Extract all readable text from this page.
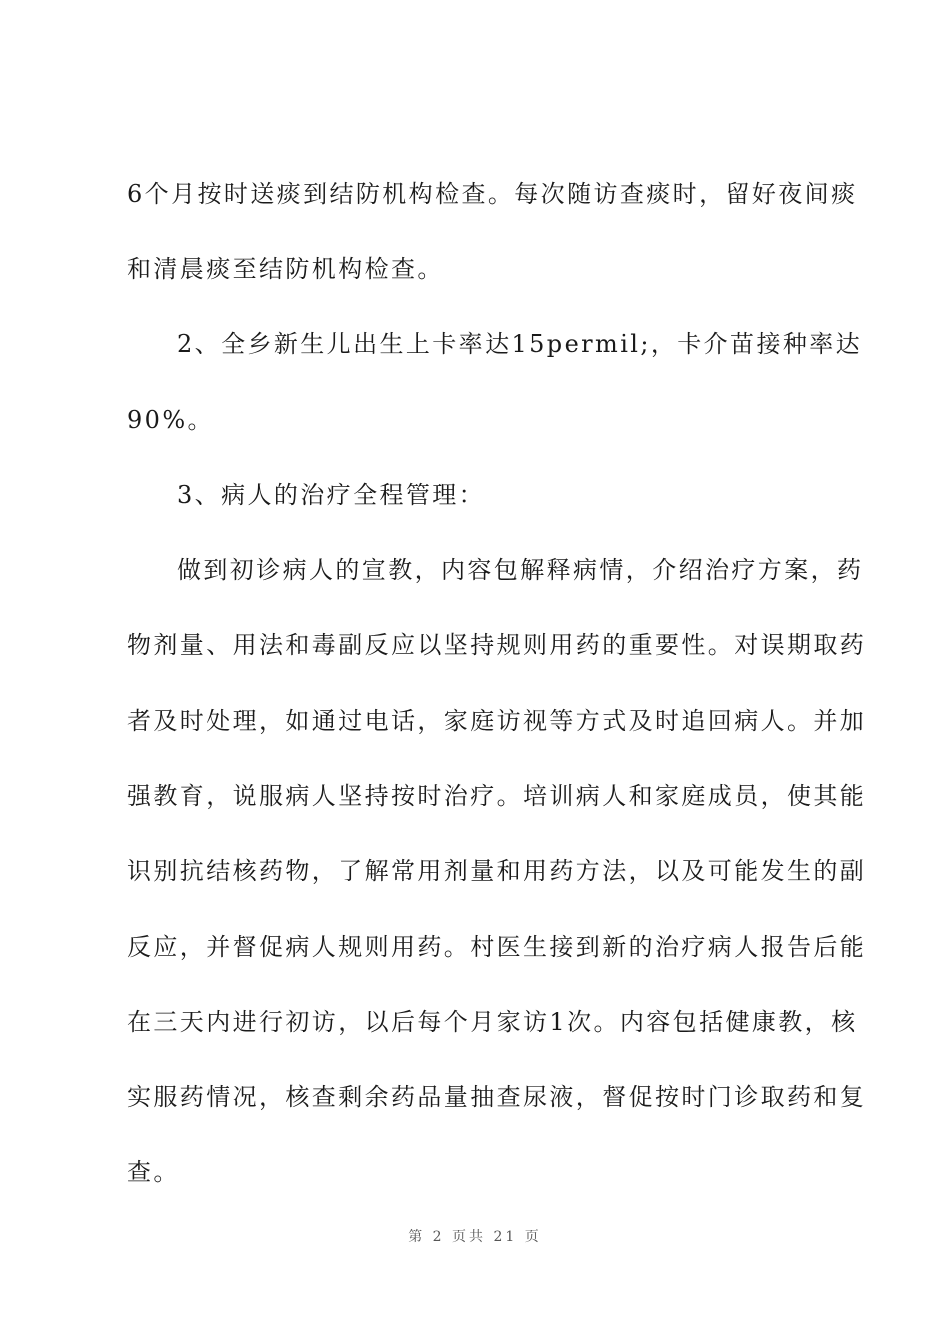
6个月按时送痰到结防机构检查。每次随访查痰时，留好夜间痰
和清晨痰至结防机构检查。
2、全乡新生儿出生上卡率达15permil;，卡介苗接种率达
90%。
3、病人的治疗全程管理：
做到初诊病人的宣教，内容包解释病情，介绍治疗方案，药
物剂量、用法和毒副反应以坚持规则用药的重要性。对误期取药
者及时处理，如通过电话，家庭访视等方式及时追回病人。并加
强教育，说服病人坚持按时治疗。培训病人和家庭成员，使其能
识别抗结核药物，了解常用剂量和用药方法，以及可能发生的副
反应，并督促病人规则用药。村医生接到新的治疗病人报告后能
在三天内进行初访，以后每个月家访1次。内容包括健康教，核
实服药情况，核查剩余药品量抽查尿液，督促按时门诊取药和复
查。
第 2 页共 21 页
